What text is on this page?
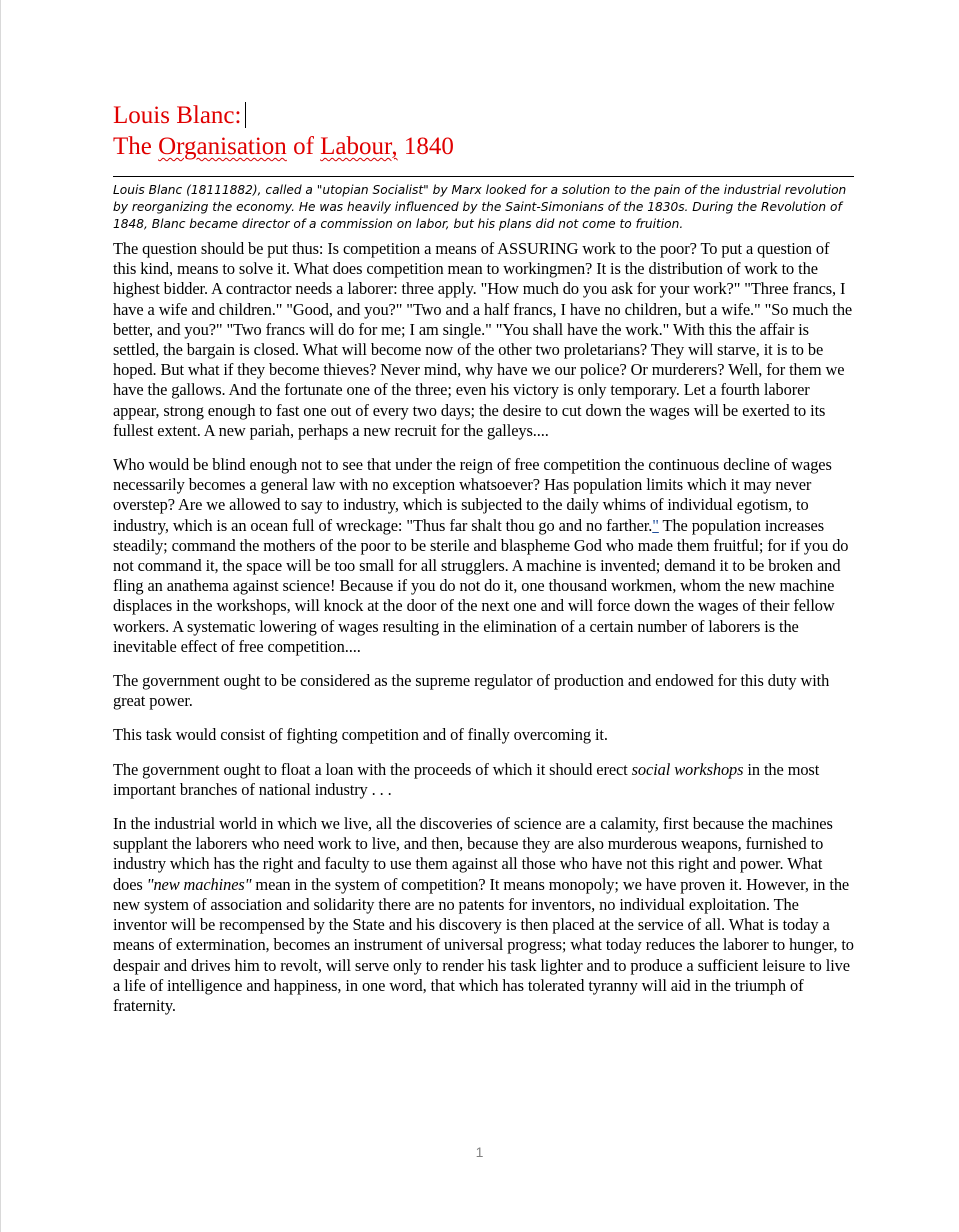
Louis Blanc:
The Organisation of Labour, 1840

Louis Blanc (18111882), called a "utopian Socialist" by Marx looked for a solution to the pain of the industrial revolution by reorganizing the economy. He was heavily influenced by the Saint-Simonians of the 1830s. During the Revolution of 1848, Blanc became director of a commission on labor, but his plans did not come to fruition.

The question should be put thus: Is competition a means of ASSURING work to the poor? To put a question of this kind, means to solve it. What does competition mean to workingmen? It is the distribution of work to the highest bidder. A contractor needs a laborer: three apply. "How much do you ask for your work?" "Three francs, I have a wife and children." "Good, and you?" "Two and a half francs, I have no children, but a wife." "So much the better, and you?" "Two francs will do for me; I am single." "You shall have the work." With this the affair is settled, the bargain is closed. What will become now of the other two proletarians? They will starve, it is to be hoped. But what if they become thieves? Never mind, why have we our police? Or murderers? Well, for them we have the gallows. And the fortunate one of the three; even his victory is only temporary. Let a fourth laborer appear, strong enough to fast one out of every two days; the desire to cut down the wages will be exerted to its fullest extent. A new pariah, perhaps a new recruit for the galleys....

Who would be blind enough not to see that under the reign of free competition the continuous decline of wages necessarily becomes a general law with no exception whatsoever? Has population limits which it may never overstep? Are we allowed to say to industry, which is subjected to the daily whims of individual egotism, to industry, which is an ocean full of wreckage: "Thus far shalt thou go and no farther." The population increases steadily; command the mothers of the poor to be sterile and blaspheme God who made them fruitful; for if you do not command it, the space will be too small for all strugglers. A machine is invented; demand it to be broken and fling an anathema against science! Because if you do not do it, one thousand workmen, whom the new machine displaces in the workshops, will knock at the door of the next one and will force down the wages of their fellow workers. A systematic lowering of wages resulting in the elimination of a certain number of laborers is the inevitable effect of free competition....

The government ought to be considered as the supreme regulator of production and endowed for this duty with great power.

This task would consist of fighting competition and of finally overcoming it.

The government ought to float a loan with the proceeds of which it should erect social workshops in the most important branches of national industry . . .

In the industrial world in which we live, all the discoveries of science are a calamity, first because the machines supplant the laborers who need work to live, and then, because they are also murderous weapons, furnished to industry which has the right and faculty to use them against all those who have not this right and power. What does "new machines" mean in the system of competition? It means monopoly; we have proven it. However, in the new system of association and solidarity there are no patents for inventors, no individual exploitation. The inventor will be recompensed by the State and his discovery is then placed at the service of all. What is today a means of extermination, becomes an instrument of universal progress; what today reduces the laborer to hunger, to despair and drives him to revolt, will serve only to render his task lighter and to produce a sufficient leisure to live a life of intelligence and happiness, in one word, that which has tolerated tyranny will aid in the triumph of fraternity.

1
